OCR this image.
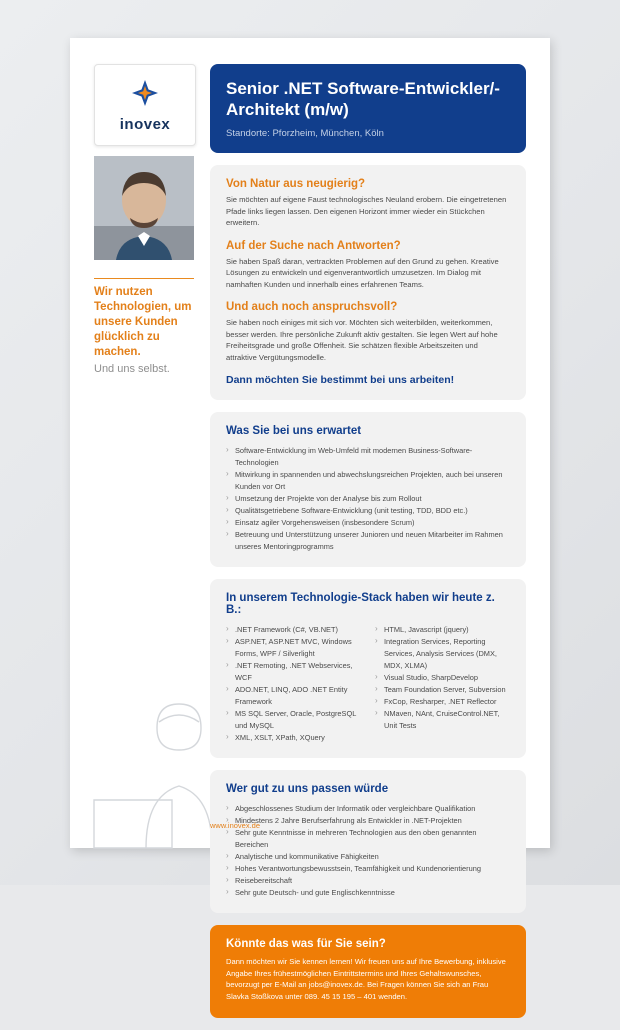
inovex

Wir nutzen Technologien, um unsere Kunden glücklich zu machen.

Und uns selbst.

Senior .NET Software-Entwickler/-Architekt (m/w)

Standorte: Pforzheim, München, Köln

Von Natur aus neugierig?

Sie möchten auf eigene Faust technologisches Neuland erobern. Die eingetretenen Pfade links liegen lassen. Den eigenen Horizont immer wieder ein Stückchen erweitern.

Auf der Suche nach Antworten?

Sie haben Spaß daran, vertrackten Problemen auf den Grund zu gehen. Kreative Lösungen zu entwickeln und eigenverantwortlich umzusetzen. Im Dialog mit namhaften Kunden und innerhalb eines erfahrenen Teams.

Und auch noch anspruchsvoll?

Sie haben noch einiges mit sich vor. Möchten sich weiterbilden, weiterkommen, besser werden. Ihre persönliche Zukunft aktiv gestalten. Sie legen Wert auf hohe Freiheitsgrade und große Offenheit. Sie schätzen flexible Arbeitszeiten und attraktive Vergütungsmodelle.

Dann möchten Sie bestimmt bei uns arbeiten!

Was Sie bei uns erwartet
› Software-Entwicklung im Web-Umfeld mit modernen Business-Software-Technologien
› Mitwirkung in spannenden und abwechslungsreichen Projekten, auch bei unseren Kunden vor Ort
› Umsetzung der Projekte von der Analyse bis zum Rollout
› Qualitätsgetriebene Software-Entwicklung (unit testing, TDD, BDD etc.)
› Einsatz agiler Vorgehensweisen (insbesondere Scrum)
› Betreuung und Unterstützung unserer Junioren und neuen Mitarbeiter im Rahmen unseres Mentoringprogramms
In unserem Technologie-Stack haben wir heute z. B.:
› .NET Framework (C#, VB.NET)
› ASP.NET, ASP.NET MVC, Windows Forms, WPF / Silverlight
› .NET Remoting, .NET Webservices, WCF
› ADO.NET, LINQ, ADO .NET Entity Framework
› MS SQL Server, Oracle, PostgreSQL und MySQL
› XML, XSLT, XPath, XQuery
› HTML, Javascript (jquery)
› Integration Services, Reporting Services, Analysis Services (DMX, MDX, XLMA)
› Visual Studio, SharpDevelop
› Team Foundation Server, Subversion
› FxCop, Resharper, .NET Reflector
› NMaven, NAnt, CruiseControl.NET, Unit Tests
Wer gut zu uns passen würde
› Abgeschlossenes Studium der Informatik oder vergleichbare Qualifikation
› Mindestens 2 Jahre Berufserfahrung als Entwickler in .NET-Projekten
› Sehr gute Kenntnisse in mehreren Technologien aus den oben genannten Bereichen
› Analytische und kommunikative Fähigkeiten
› Hohes Verantwortungsbewusstsein, Teamfähigkeit und Kundenorientierung
› Reisebereitschaft
› Sehr gute Deutsch- und gute Englischkenntnisse
Könnte das was für Sie sein?

Dann möchten wir Sie kennen lernen! Wir freuen uns auf Ihre Bewerbung, inklusive Angabe Ihres frühestmöglichen Eintrittstermins und Ihres Gehaltswunsches, bevorzugt per E-Mail an jobs@inovex.de. Bei Fragen können Sie sich an Frau Slavka Stoßkova unter 089. 45 15 195 – 401 wenden.

www.inovex.de
